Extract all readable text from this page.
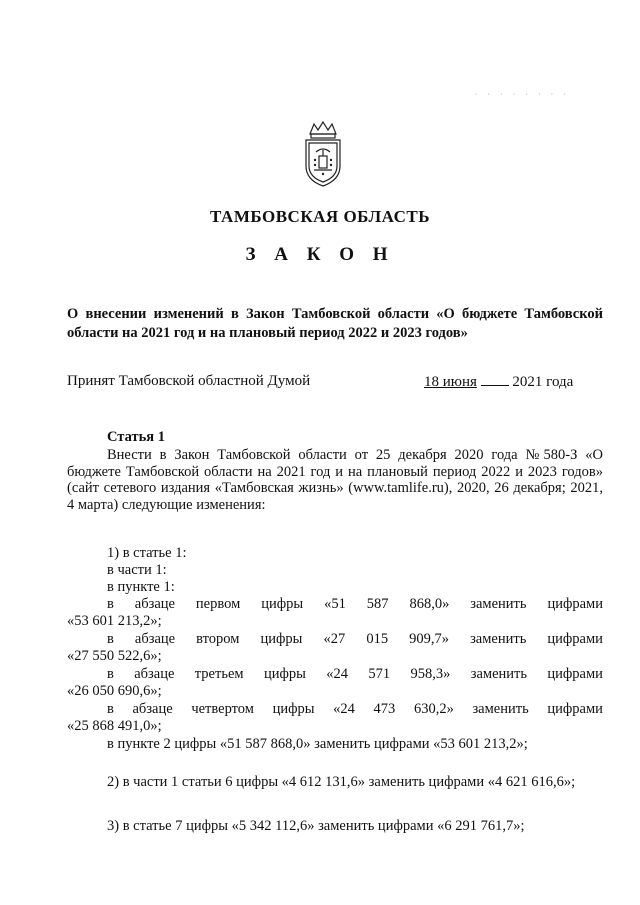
· · · · · · · ·
ТАМБОВСКАЯ ОБЛАСТЬ
З А К О Н
О внесении изменений в Закон Тамбовской области «О бюджете Тамбовской области на 2021 год и на плановый период 2022 и 2023 годов»
Принят Тамбовской областной Думой	18 июня 2021 года
Статья 1
Внести в Закон Тамбовской области от 25 декабря 2020 года №580-З «О бюджете Тамбовской области на 2021 год и на плановый период 2022 и 2023 годов» (сайт сетевого издания «Тамбовская жизнь» (www.tamlife.ru), 2020, 26 декабря; 2021, 4 марта) следующие изменения:
1) в статье 1:
в части 1:
в пункте 1:
в абзаце первом цифры «51 587 868,0» заменить цифрами
«53 601 213,2»;
в абзаце втором цифры «27 015 909,7» заменить цифрами
«27 550 522,6»;
в абзаце третьем цифры «24 571 958,3» заменить цифрами
«26 050 690,6»;
в абзаце четвертом цифры «24 473 630,2» заменить цифрами
«25 868 491,0»;
в пункте 2 цифры «51 587 868,0» заменить цифрами «53 601 213,2»;
2) в части 1 статьи 6 цифры «4 612 131,6» заменить цифрами «4 621 616,6»;
3) в статье 7 цифры «5 342 112,6» заменить цифрами «6 291 761,7»;
